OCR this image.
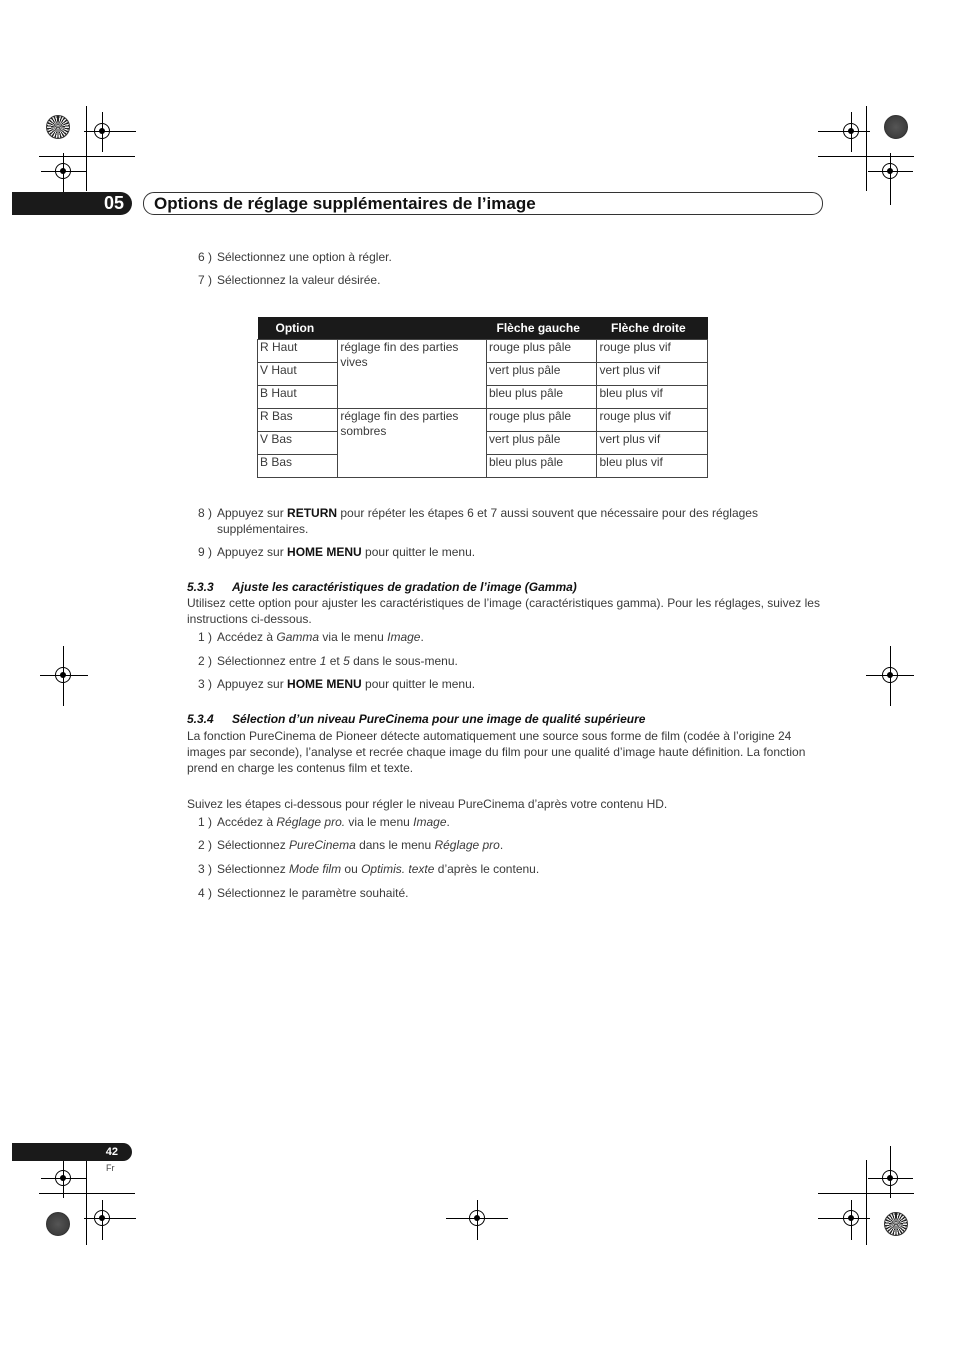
05 Options de réglage supplémentaires de l’image
6 ) Sélectionnez une option à régler.
7 ) Sélectionnez la valeur désirée.
Option		Flèche gauche	Flèche droite
R Haut	réglage fin des parties vives	rouge plus pâle	rouge plus vif
V Haut		vert plus pâle	vert plus vif
B Haut		bleu plus pâle	bleu plus vif
R Bas	réglage fin des parties sombres	rouge plus pâle	rouge plus vif
V Bas		vert plus pâle	vert plus vif
B Bas		bleu plus pâle	bleu plus vif
8 ) Appuyez sur RETURN pour répéter les étapes 6 et 7 aussi souvent que nécessaire pour des réglages
supplémentaires.
9 ) Appuyez sur HOME MENU pour quitter le menu.
5.3.3 Ajuste les caractéristiques de gradation de l’image (Gamma)
Utilisez cette option pour ajuster les caractéristiques de l’image (caractéristiques gamma). Pour les réglages, suivez les instructions ci-dessous.
1 ) Accédez à Gamma via le menu Image.
2 ) Sélectionnez entre 1 et 5 dans le sous-menu.
3 ) Appuyez sur HOME MENU pour quitter le menu.
5.3.4 Sélection d’un niveau PureCinema pour une image de qualité supérieure
La fonction PureCinema de Pioneer détecte automatiquement une source sous forme de film (codée à l’origine 24 images par seconde), l’analyse et recrée chaque image du film pour une qualité d’image haute définition. La fonction prend en charge les contenus film et texte.
Suivez les étapes ci-dessous pour régler le niveau PureCinema d’après votre contenu HD.
1 ) Accédez à Réglage pro. via le menu Image.
2 ) Sélectionnez PureCinema dans le menu Réglage pro.
3 ) Sélectionnez Mode film ou Optimis. texte d’après le contenu.
4 ) Sélectionnez le paramètre souhaité.
42
Fr
